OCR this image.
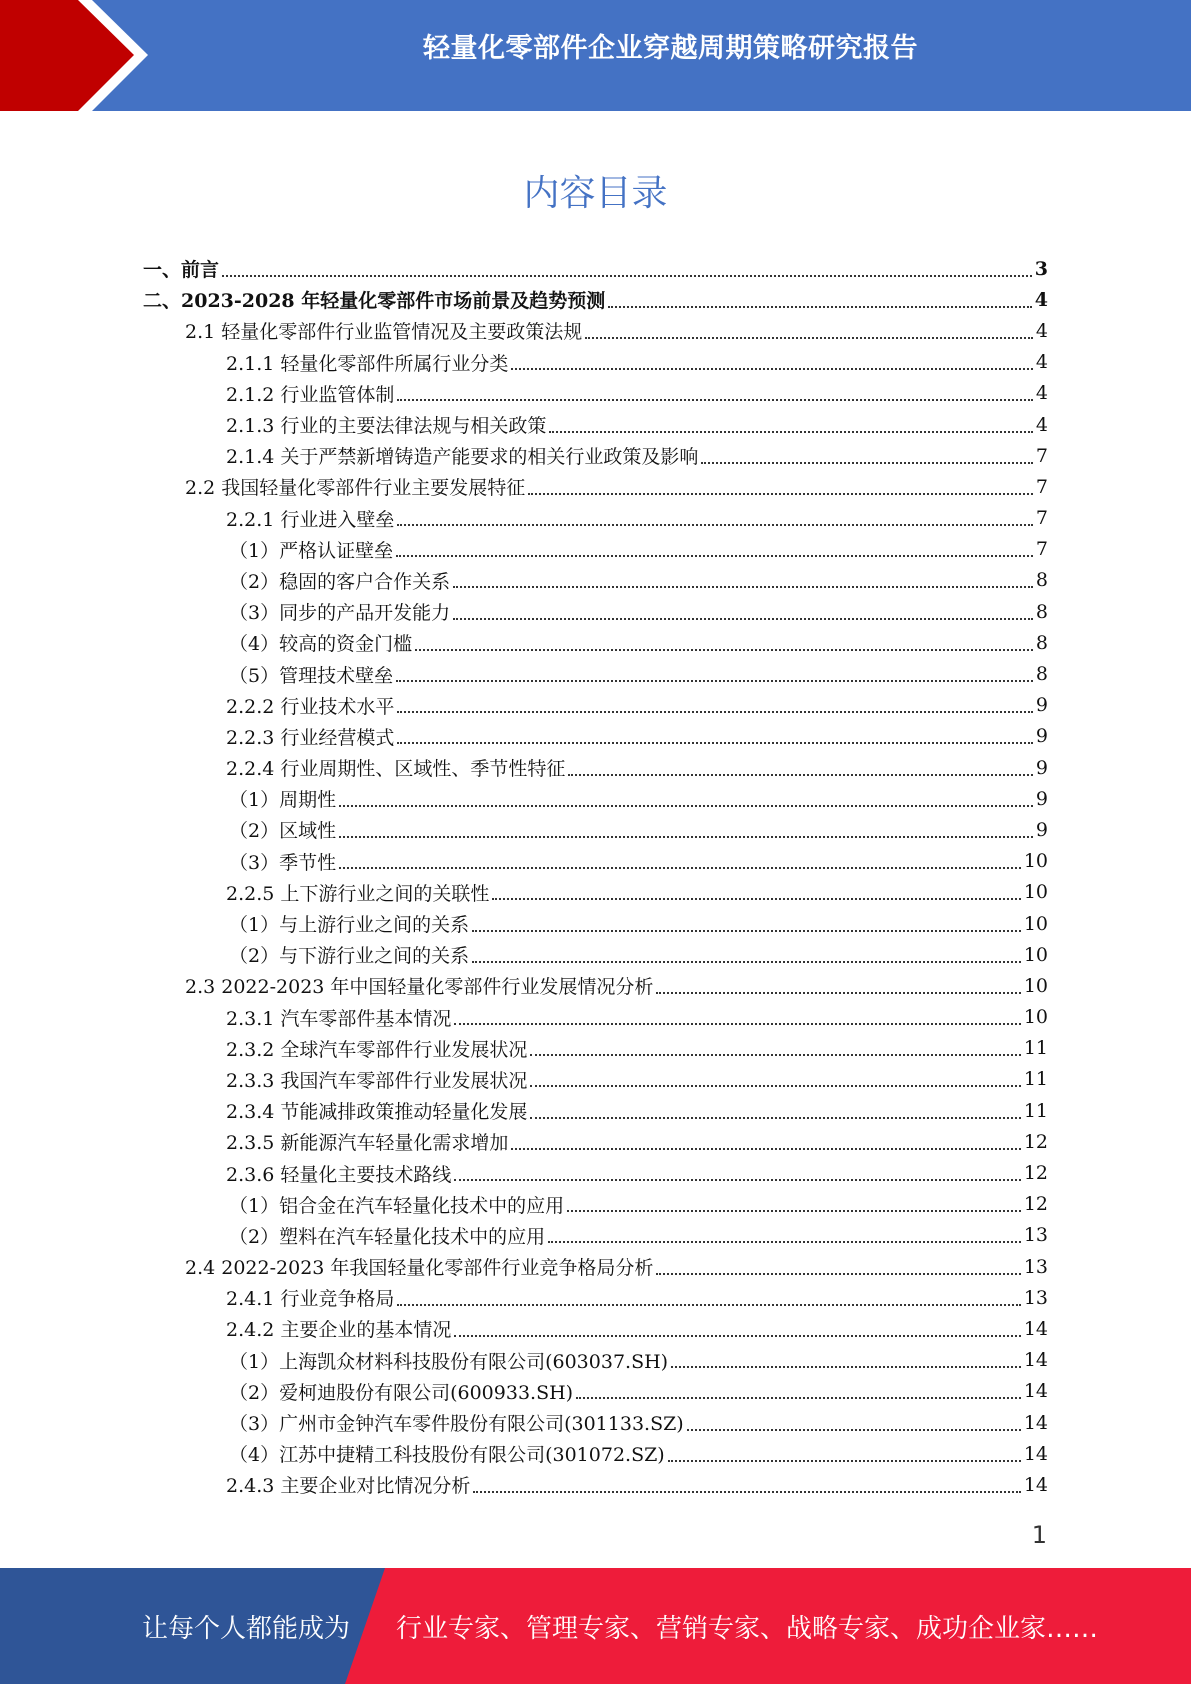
轻量化零部件企业穿越周期策略研究报告
内容目录
一、前言	3
二、2023-2028 年轻量化零部件市场前景及趋势预测	4
2.1 轻量化零部件行业监管情况及主要政策法规	4
2.1.1 轻量化零部件所属行业分类	4
2.1.2 行业监管体制	4
2.1.3 行业的主要法律法规与相关政策	4
2.1.4 关于严禁新增铸造产能要求的相关行业政策及影响	7
2.2 我国轻量化零部件行业主要发展特征	7
2.2.1 行业进入壁垒	7
（1）严格认证壁垒	7
（2）稳固的客户合作关系	8
（3）同步的产品开发能力	8
（4）较高的资金门槛	8
（5）管理技术壁垒	8
2.2.2 行业技术水平	9
2.2.3 行业经营模式	9
2.2.4 行业周期性、区域性、季节性特征	9
（1）周期性	9
（2）区域性	9
（3）季节性	10
2.2.5 上下游行业之间的关联性	10
（1）与上游行业之间的关系	10
（2）与下游行业之间的关系	10
2.3 2022-2023 年中国轻量化零部件行业发展情况分析	10
2.3.1 汽车零部件基本情况	10
2.3.2 全球汽车零部件行业发展状况	11
2.3.3 我国汽车零部件行业发展状况	11
2.3.4 节能减排政策推动轻量化发展	11
2.3.5 新能源汽车轻量化需求增加	12
2.3.6 轻量化主要技术路线	12
（1）铝合金在汽车轻量化技术中的应用	12
（2）塑料在汽车轻量化技术中的应用	13
2.4 2022-2023 年我国轻量化零部件行业竞争格局分析	13
2.4.1 行业竞争格局	13
2.4.2 主要企业的基本情况	14
（1）上海凯众材料科技股份有限公司(603037.SH)	14
（2）爱柯迪股份有限公司(600933.SH)	14
（3）广州市金钟汽车零件股份有限公司(301133.SZ)	14
（4）江苏中捷精工科技股份有限公司(301072.SZ)	14
2.4.3 主要企业对比情况分析	14
1
让每个人都能成为 行业专家、管理专家、营销专家、战略专家、成功企业家……
